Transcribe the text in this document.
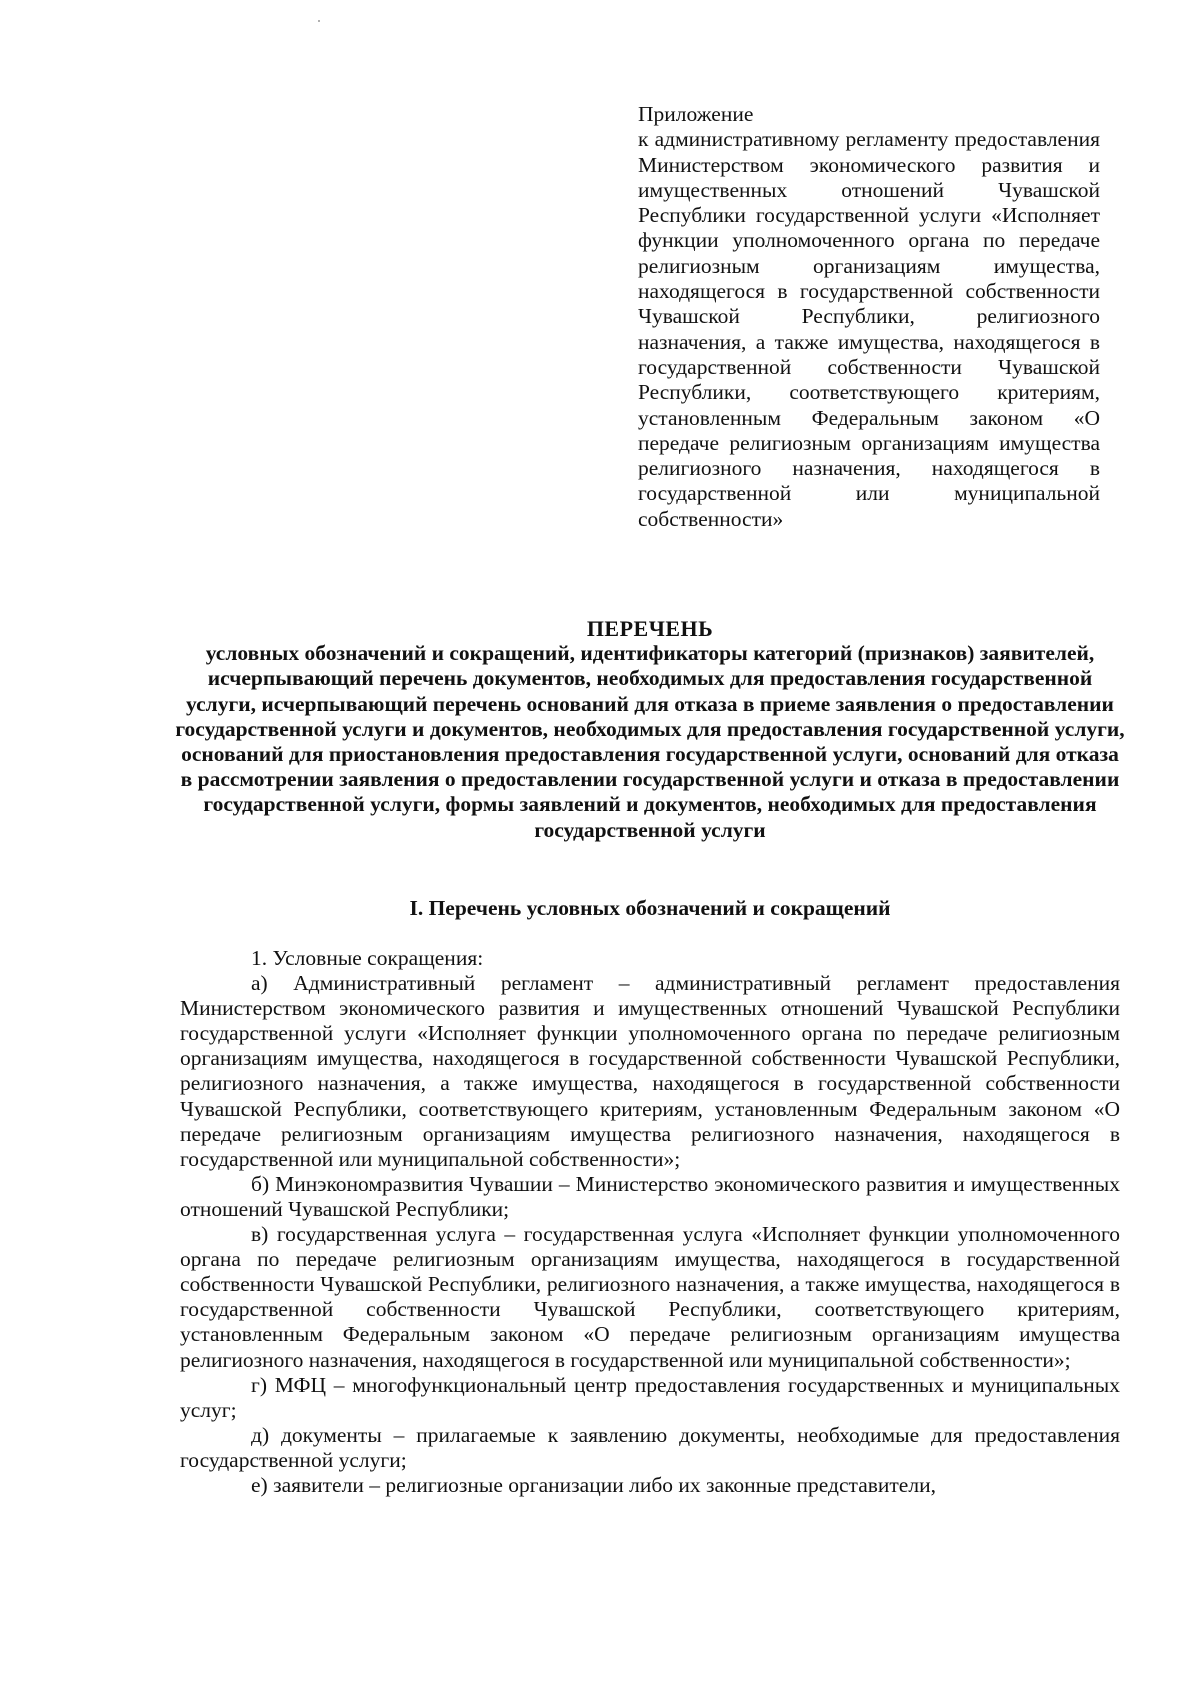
Приложение
к административному регламенту предоставления Министерством экономического развития и имущественных отношений Чувашской Республики государственной услуги «Исполняет функции уполномоченного органа по передаче религиозным организациям имущества, находящегося в государственной собственности Чувашской Республики, религиозного назначения, а также имущества, находящегося в государственной собственности Чувашской Республики, соответствующего критериям, установленным Федеральным законом «О передаче религиозным организациям имущества религиозного назначения, находящегося в государственной или муниципальной собственности»
ПЕРЕЧЕНЬ
условных обозначений и сокращений, идентификаторы категорий (признаков) заявителей, исчерпывающий перечень документов, необходимых для предоставления государственной услуги, исчерпывающий перечень оснований для отказа в приеме заявления о предоставлении государственной услуги и документов, необходимых для предоставления государственной услуги, оснований для приостановления предоставления государственной услуги, оснований для отказа в рассмотрении заявления о предоставлении государственной услуги и отказа в предоставлении государственной услуги, формы заявлений и документов, необходимых для предоставления государственной услуги
I. Перечень условных обозначений и сокращений

1. Условные сокращения:

а) Административный регламент – административный регламент предоставления Министерством экономического развития и имущественных отношений Чувашской Республики государственной услуги «Исполняет функции уполномоченного органа по передаче религиозным организациям имущества, находящегося в государственной собственности Чувашской Республики, религиозного назначения, а также имущества, находящегося в государственной собственности Чувашской Республики, соответствующего критериям, установленным Федеральным законом «О передаче религиозным организациям имущества религиозного назначения, находящегося в государственной или муниципальной собственности»;

б) Минэкономразвития Чувашии – Министерство экономического развития и имущественных отношений Чувашской Республики;

в) государственная услуга – государственная услуга «Исполняет функции уполномоченного органа по передаче религиозным организациям имущества, находящегося в государственной собственности Чувашской Республики, религиозного назначения, а также имущества, находящегося в государственной собственности Чувашской Республики, соответствующего критериям, установленным Федеральным законом «О передаче религиозным организациям имущества религиозного назначения, находящегося в государственной или муниципальной собственности»;

г) МФЦ – многофункциональный центр предоставления государственных и муниципальных услуг;

д) документы – прилагаемые к заявлению документы, необходимые для предоставления государственной услуги;

е) заявители – религиозные организации либо их законные представители,
